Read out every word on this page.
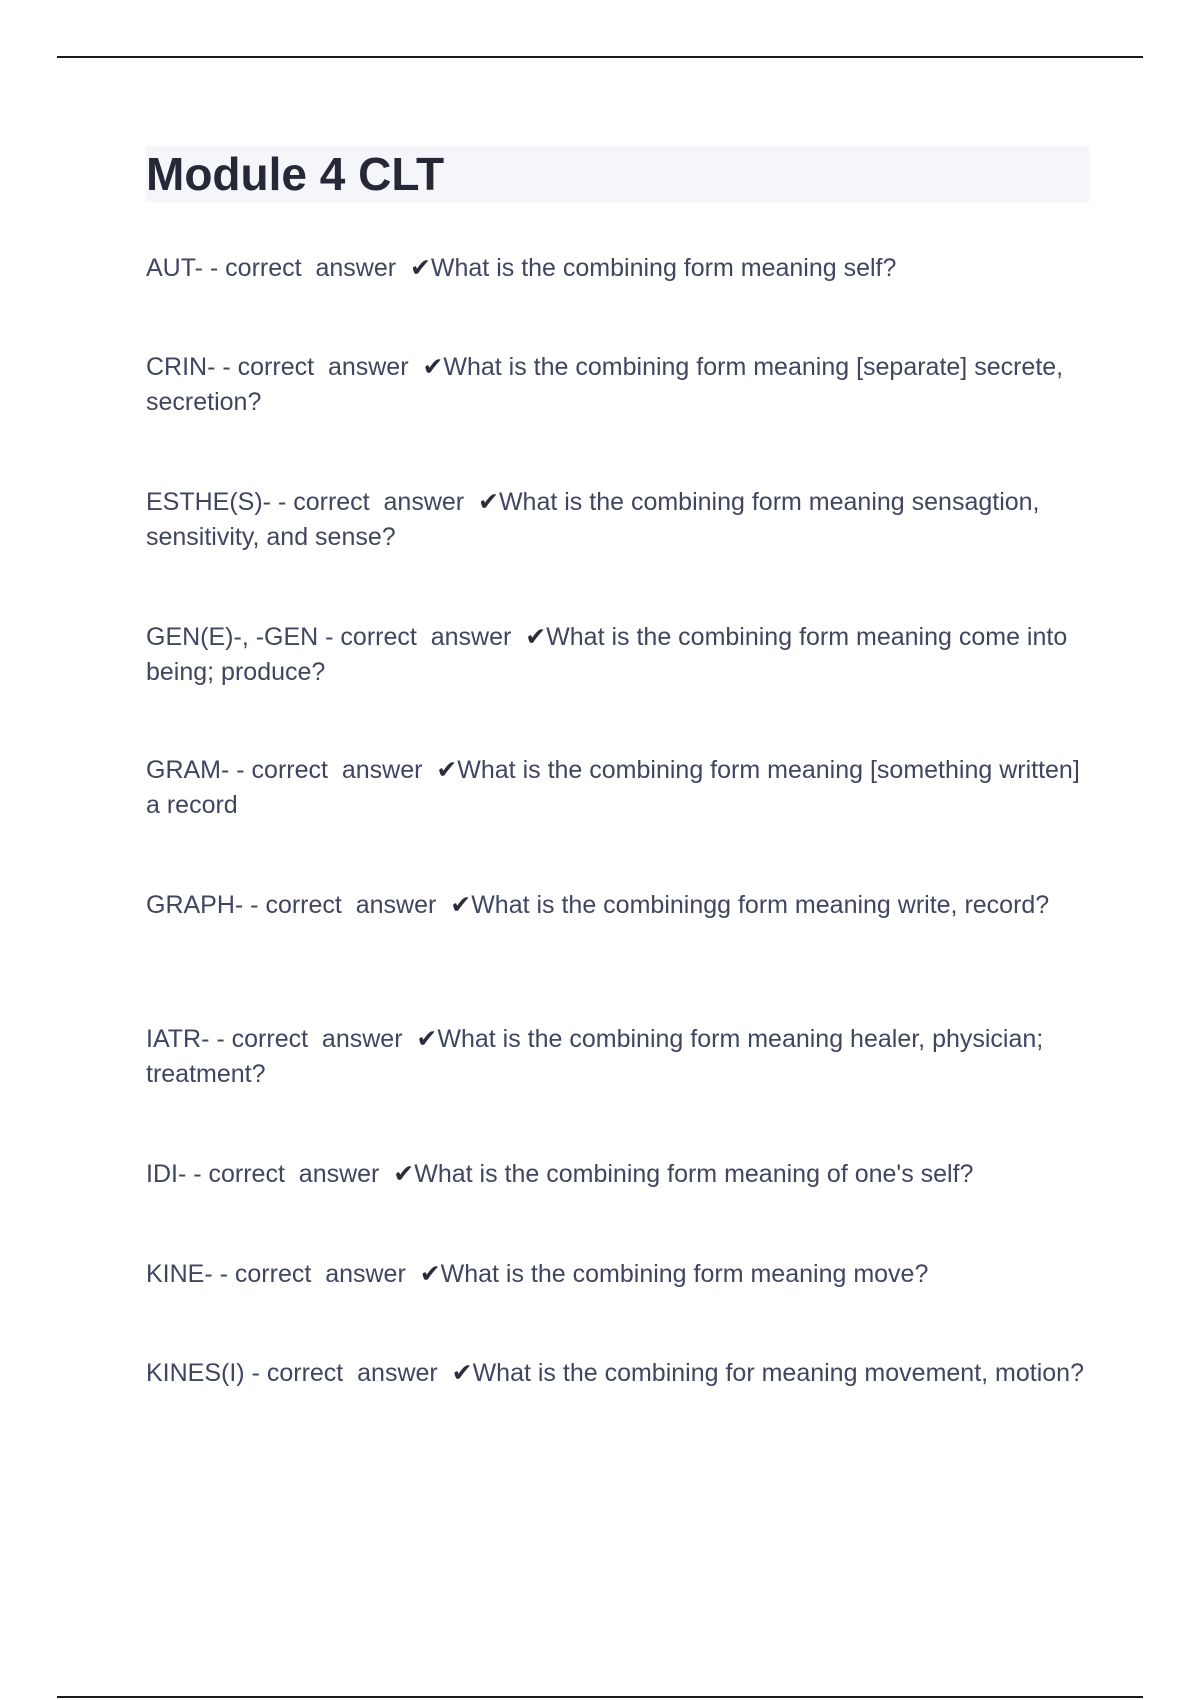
Module 4 CLT

AUT- - correct  answer  ✔What is the combining form meaning self?

CRIN- - correct  answer  ✔What is the combining form meaning [separate] secrete, secretion?

ESTHE(S)- - correct  answer  ✔What is the combining form meaning sensagtion, sensitivity, and sense?

GEN(E)-, -GEN - correct  answer  ✔What is the combining form meaning come into being; produce?

GRAM- - correct  answer  ✔What is the combining form meaning [something written] a record

GRAPH- - correct  answer  ✔What is the combiningg form meaning write, record?

IATR- - correct  answer  ✔What is the combining form meaning healer, physician; treatment?

IDI- - correct  answer  ✔What is the combining form meaning of one's self?

KINE- - correct  answer  ✔What is the combining form meaning move?

KINES(I) - correct  answer  ✔What is the combining for meaning movement, motion?
